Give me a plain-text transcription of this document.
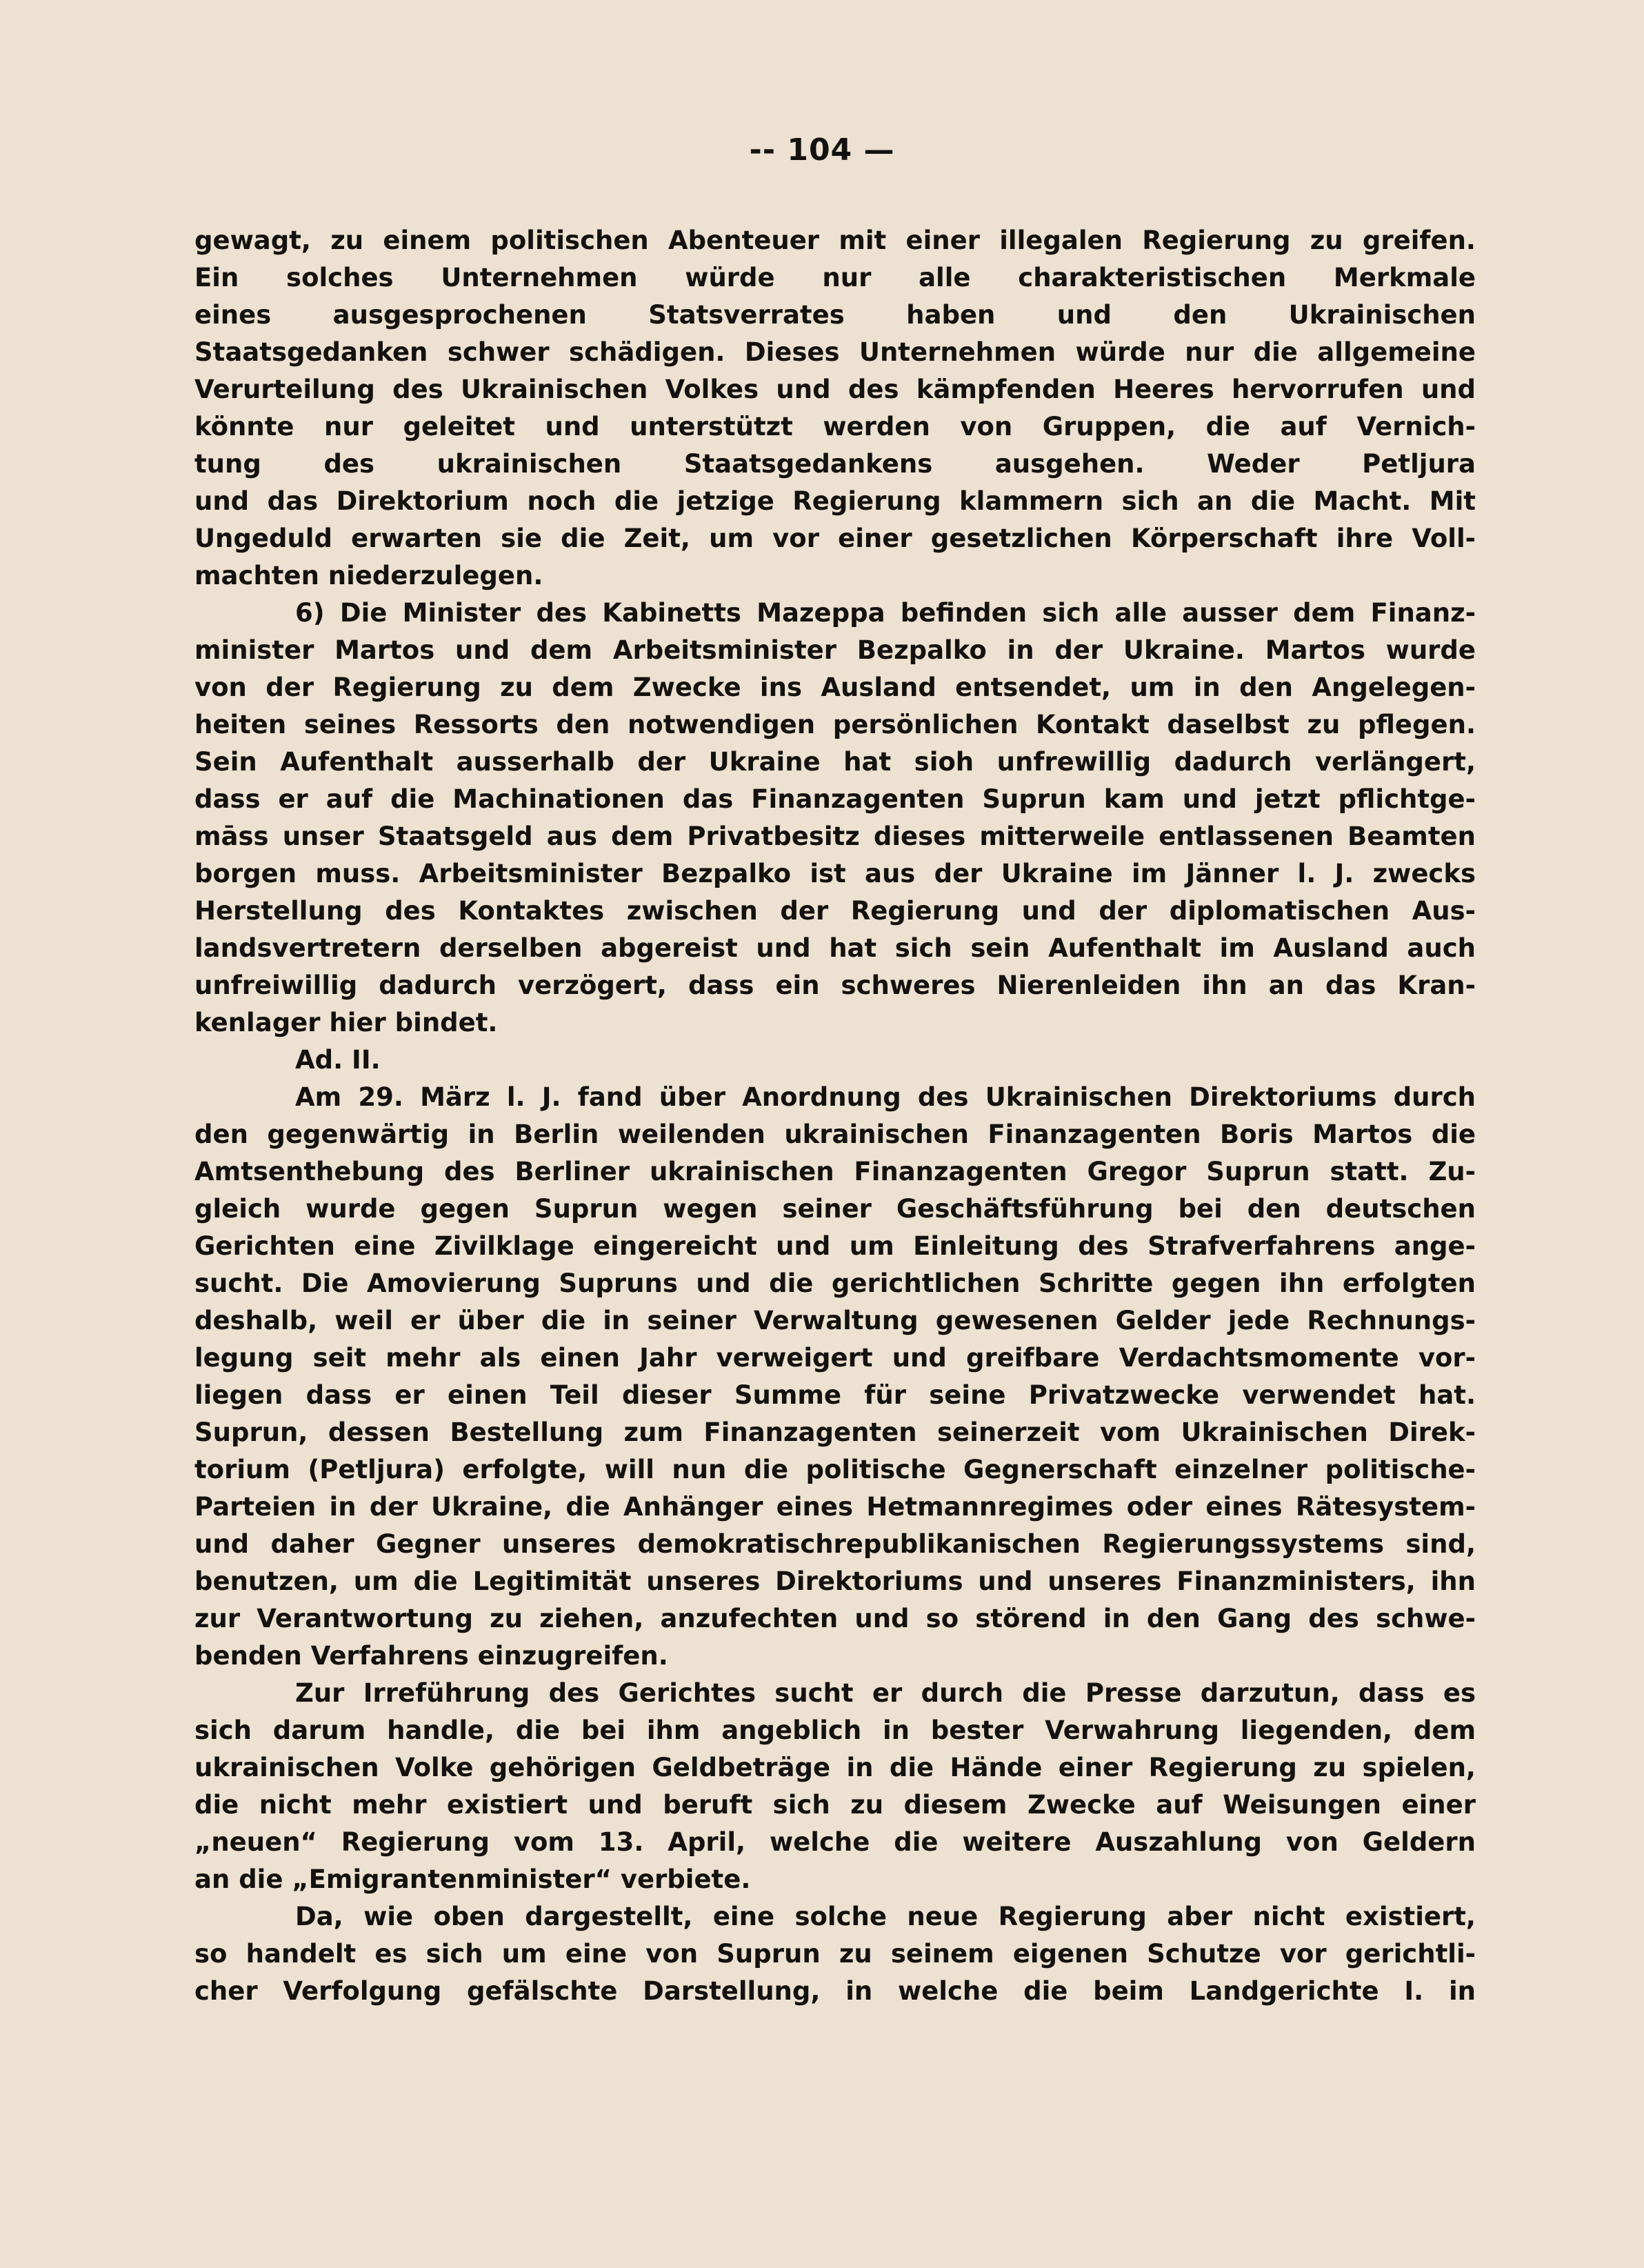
-- 104 —
gewagt, zu einem politischen Abenteuer mit einer illegalen Regierung zu greifen.
Ein solches Unternehmen würde nur alle charakteristischen Merkmale
eines ausgesprochenen Statsverrates haben und den Ukrainischen
Staatsgedanken schwer schädigen. Dieses Unternehmen würde nur die allgemeine
Verurteilung des Ukrainischen Volkes und des kämpfenden Heeres hervorrufen und
könnte nur geleitet und unterstützt werden von Gruppen, die auf Vernich-
tung des ukrainischen Staatsgedankens ausgehen. Weder Petljura
und das Direktorium noch die jetzige Regierung klammern sich an die Macht. Mit
Ungeduld erwarten sie die Zeit, um vor einer gesetzlichen Körperschaft ihre Voll-
machten niederzulegen.
6) Die Minister des Kabinetts Mazeppa befinden sich alle ausser dem Finanz-
minister Martos und dem Arbeitsminister Bezpalko in der Ukraine. Martos wurde
von der Regierung zu dem Zwecke ins Ausland entsendet, um in den Angelegen-
heiten seines Ressorts den notwendigen persönlichen Kontakt daselbst zu pflegen.
Sein Aufenthalt ausserhalb der Ukraine hat sioh unfrewillig dadurch verlängert,
dass er auf die Machinationen das Finanzagenten Suprun kam und jetzt pflichtge-
māss unser Staatsgeld aus dem Privatbesitz dieses mitterweile entlassenen Beamten
borgen muss. Arbeitsminister Bezpalko ist aus der Ukraine im Jänner l. J. zwecks
Herstellung des Kontaktes zwischen der Regierung und der diplomatischen Aus-
landsvertretern derselben abgereist und hat sich sein Aufenthalt im Ausland auch
unfreiwillig dadurch verzögert, dass ein schweres Nierenleiden ihn an das Kran-
kenlager hier bindet.
Ad. II.
Am 29. März l. J. fand über Anordnung des Ukrainischen Direktoriums durch
den gegenwärtig in Berlin weilenden ukrainischen Finanzagenten Boris Martos die
Amtsenthebung des Berliner ukrainischen Finanzagenten Gregor Suprun statt. Zu-
gleich wurde gegen Suprun wegen seiner Geschäftsführung bei den deutschen
Gerichten eine Zivilklage eingereicht und um Einleitung des Strafverfahrens ange-
sucht. Die Amovierung Supruns und die gerichtlichen Schritte gegen ihn erfolgten
deshalb, weil er über die in seiner Verwaltung gewesenen Gelder jede Rechnungs-
legung seit mehr als einen Jahr verweigert und greifbare Verdachtsmomente vor-
liegen dass er einen Teil dieser Summe für seine Privatzwecke verwendet hat.
Suprun, dessen Bestellung zum Finanzagenten seinerzeit vom Ukrainischen Direk-
torium (Petljura) erfolgte, will nun die politische Gegnerschaft einzelner politische-
Parteien in der Ukraine, die Anhänger eines Hetmannregimes oder eines Rätesystem-
und daher Gegner unseres demokratischrepublikanischen Regierungssystems sind,
benutzen, um die Legitimität unseres Direktoriums und unseres Finanzministers, ihn
zur Verantwortung zu ziehen, anzufechten und so störend in den Gang des schwe-
benden Verfahrens einzugreifen.
Zur Irreführung des Gerichtes sucht er durch die Presse darzutun, dass es
sich darum handle, die bei ihm angeblich in bester Verwahrung liegenden, dem
ukrainischen Volke gehörigen Geldbeträge in die Hände einer Regierung zu spielen,
die nicht mehr existiert und beruft sich zu diesem Zwecke auf Weisungen einer
„neuen“ Regierung vom 13. April, welche die weitere Auszahlung von Geldern
an die „Emigrantenminister“ verbiete.
Da, wie oben dargestellt, eine solche neue Regierung aber nicht existiert,
so handelt es sich um eine von Suprun zu seinem eigenen Schutze vor gerichtli-
cher Verfolgung gefälschte Darstellung, in welche die beim Landgerichte I. in
